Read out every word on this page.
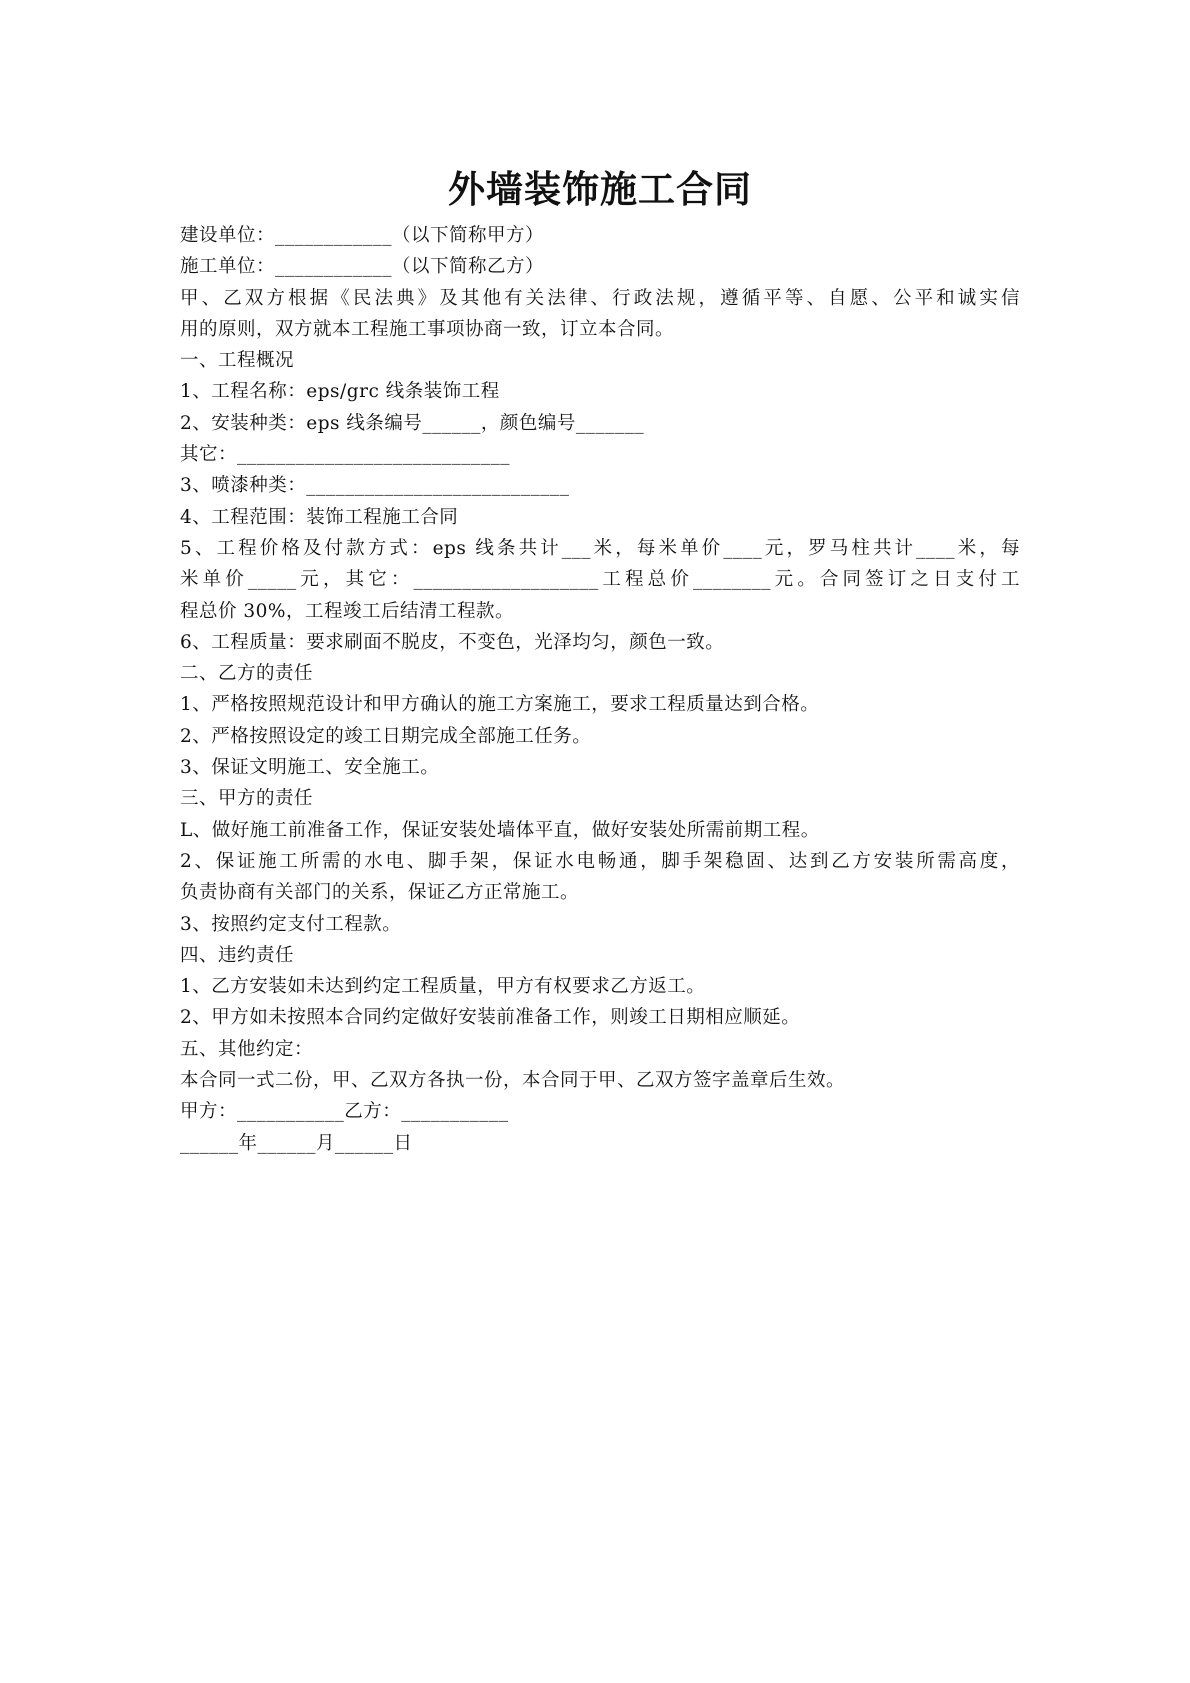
外墙装饰施工合同
建设单位：____________（以下简称甲方）
施工单位：____________（以下简称乙方）
甲、乙双方根据《民法典》及其他有关法律、行政法规，遵循平等、自愿、公平和诚实信
用的原则，双方就本工程施工事项协商一致，订立本合同。
一、工程概况
1、工程名称：eps/grc 线条装饰工程
2、安装种类：eps 线条编号______，颜色编号_______
其它：____________________________
3、喷漆种类：___________________________
4、工程范围：装饰工程施工合同
5、工程价格及付款方式：eps 线条共计___米，每米单价____元，罗马柱共计____米，每
米单价_____元，其它：___________________工程总价________元。合同签订之日支付工
程总价 30%，工程竣工后结清工程款。
6、工程质量：要求刷面不脱皮，不变色，光泽均匀，颜色一致。
二、乙方的责任
1、严格按照规范设计和甲方确认的施工方案施工，要求工程质量达到合格。
2、严格按照设定的竣工日期完成全部施工任务。
3、保证文明施工、安全施工。
三、甲方的责任
L、做好施工前准备工作，保证安装处墙体平直，做好安装处所需前期工程。
2、保证施工所需的水电、脚手架，保证水电畅通，脚手架稳固、达到乙方安装所需高度，
负责协商有关部门的关系，保证乙方正常施工。
3、按照约定支付工程款。
四、违约责任
1、乙方安装如未达到约定工程质量，甲方有权要求乙方返工。
2、甲方如未按照本合同约定做好安装前准备工作，则竣工日期相应顺延。
五、其他约定：
本合同一式二份，甲、乙双方各执一份，本合同于甲、乙双方签字盖章后生效。
甲方：___________乙方：___________
______年______月______日
